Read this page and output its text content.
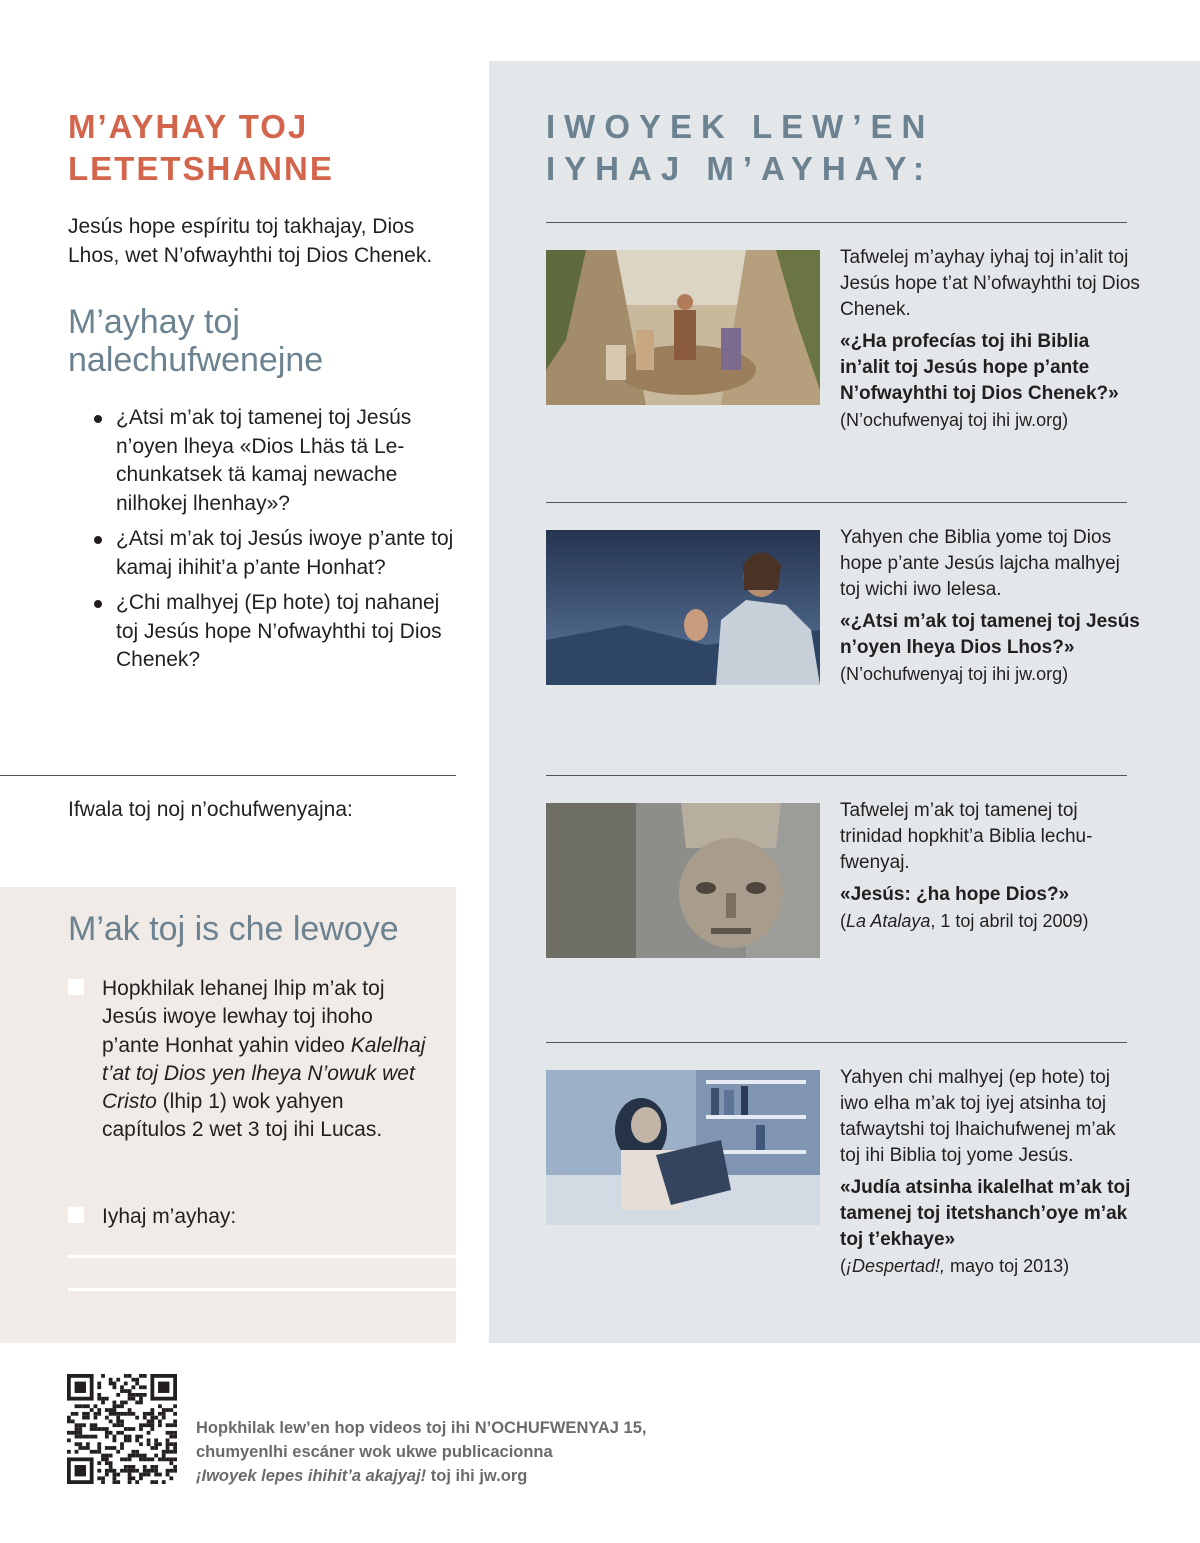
M’AYHAY TOJ
LETETSHANNE

Jesús hope espíritu toj takhajay, Dios Lhos, wet N’ofwayhthi toj Dios Chenek.

M’ayhay toj
nalechufwenejne
¿Atsi m’ak toj tamenej toj Jesús n’oyen lheya «Dios Lhäs tä Lechunkatsek tä kamaj newache nilhokej lhenhay»?
¿Atsi m’ak toj Jesús iwoye p’ante toj kamaj ihihit’a p’ante Honhat?
¿Chi malhyej (Ep hote) toj nahanej toj Jesús hope N’ofwayhthi toj Dios Chenek?

Ifwala toj noj n’ochufwenyajna:

M’ak toj is che lewoye
Hopkhilak lehanej lhip m’ak toj Jesús iwoye lewhay toj ihoho p’ante Honhat yahin video Kalelhaj t’at toj Dios yen lheya N’owuk wet Cristo (lhip 1) wok yahyen capítulos 2 wet 3 toj ihi Lucas.
Iyhaj m’ayhay:
IWOYEK LEW’EN
IYHAJ M’AYHAY:

Tafwelej m’ayhay iyhaj toj in’alit toj Jesús hope t’at N’ofwayhthi toj Dios Chenek.

«¿Ha profecías toj ihi Biblia in’alit toj Jesús hope p’ante N’ofwayhthi toj Dios Chenek?»

(N’ochufwenyaj toj ihi jw.org)

Yahyen che Biblia yome toj Dios hope p’ante Jesús lajcha malhyej toj wichi iwo lelesa.

«¿Atsi m’ak toj tamenej toj Jesús n’oyen lheya Dios Lhos?»

(N’ochufwenyaj toj ihi jw.org)

Tafwelej m’ak toj tamenej toj trinidad hopkhit’a Biblia lechufwenyaj.

«Jesús: ¿ha hope Dios?»

(La Atalaya, 1 toj abril toj 2009)

Yahyen chi malhyej (ep hote) toj iwo elha m’ak toj iyej atsinha toj tafwaytshi toj lhaichufwenej m’ak toj ihi Biblia toj yome Jesús.

«Judía atsinha ikalelhat m’ak toj tamenej toj itetshanch’oye m’ak toj t’ekhaye»

(¡Despertad!, mayo toj 2013)

Hopkhilak lew’en hop videos toj ihi N’OCHUFWENYAJ 15,
chumyenlhi escáner wok ukwe publicacionna
¡Iwoyek lepes ihihit’a akajyaj! toj ihi jw.org
